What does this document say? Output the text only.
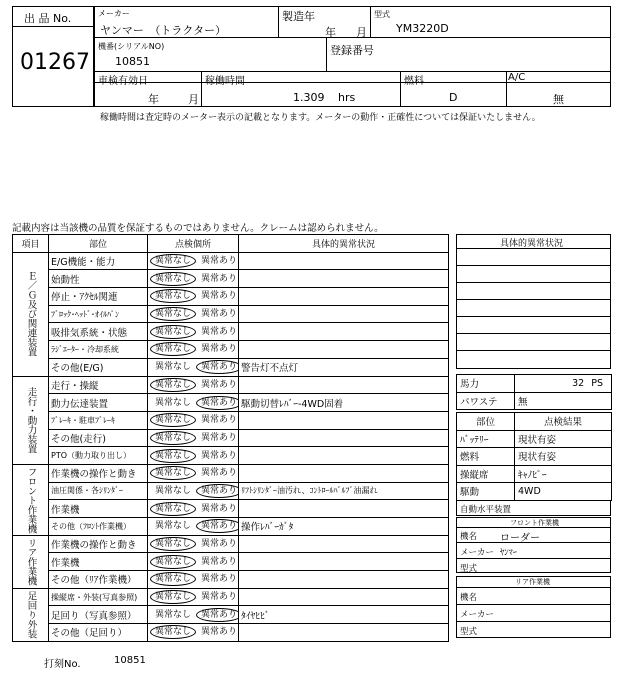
出 品 No.
01267
メーカー
ヤンマー　（トラクター）
製造年
年 月
型式
YM3220D
機番(シリアルNO)
10851
登録番号
車検有効日
年	月
稼働時間
1.309 hrs
燃料
D
A/C
無
稼働時間は査定時のメーター表示の記載となります。メーターの動作・正確性については保証いたしません。
記載内容は当該機の品質を保証するものではありません。クレームは認められません。
項目	部位	点検個所	具体的異常状況

Ｅ／Ｇ及び関連装置	E/G機能・能力	異常なし 異常あり	
	始動性	異常なし 異常あり	
	停止・ｱｸｾﾙ関連	異常なし 異常あり	
	ﾌﾞﾛｯｸ･ﾍｯﾄﾞ･ｵｲﾙﾊﾟﾝ	異常なし 異常あり	
	吸排気系統・状態	異常なし 異常あり	
	ﾗｼﾞｴｰﾀｰ・冷却系統	異常なし 異常あり	
	その他(E/G)	異常なし 異常あり	警告灯不点灯

走行・動力装置	走行・操縦	異常なし 異常あり	
	動力伝達装置	異常なし 異常あり	駆動切替ﾚﾊﾞｰ-4WD固着
	ﾌﾞﾚｰｷ・駐車ﾌﾞﾚｰｷ	異常なし 異常あり	
	その他(走行)	異常なし 異常あり	
	PTO（動力取り出し）	異常なし 異常あり	

フロント作業機	作業機の操作と動き	異常なし 異常あり	
	油圧関係・各ｼﾘﾝﾀﾞｰ	異常なし 異常あり	ﾘﾌﾄｼﾘﾝﾀﾞｰ油汚れ、ｺﾝﾄﾛｰﾙﾊﾞﾙﾌﾞ油漏れ
	作業機	異常なし 異常あり	
	その他（ﾌﾛﾝﾄ作業機）	異常なし 異常あり	操作ﾚﾊﾞｰｶﾞﾀ

リア作業機	作業機の操作と動き	異常なし 異常あり	
	作業機	異常なし 異常あり	
	その他（ﾘｱ作業機）	異常なし 異常あり	

足回り外装	操縦席・外装(写真参照)	異常なし 異常あり	
	足回り（写真参照）	異常なし 異常あり	ﾀｲﾔﾋﾋﾞ
	その他（足回り）	異常なし 異常あり	
具体的異常状況
馬力	32 PS
パワステ	無
部位	点検結果
ﾊﾞｯﾃﾘｰ	現状有姿
燃料	現状有姿
操縦席	ｷｬﾉﾋﾟｰ
駆動	4WD
自動水平装置
フロント作業機
機名 ローダー
メーカー ﾔﾝﾏｰ
型式
リア作業機
機名
メーカー
型式
打刻No.	10851
